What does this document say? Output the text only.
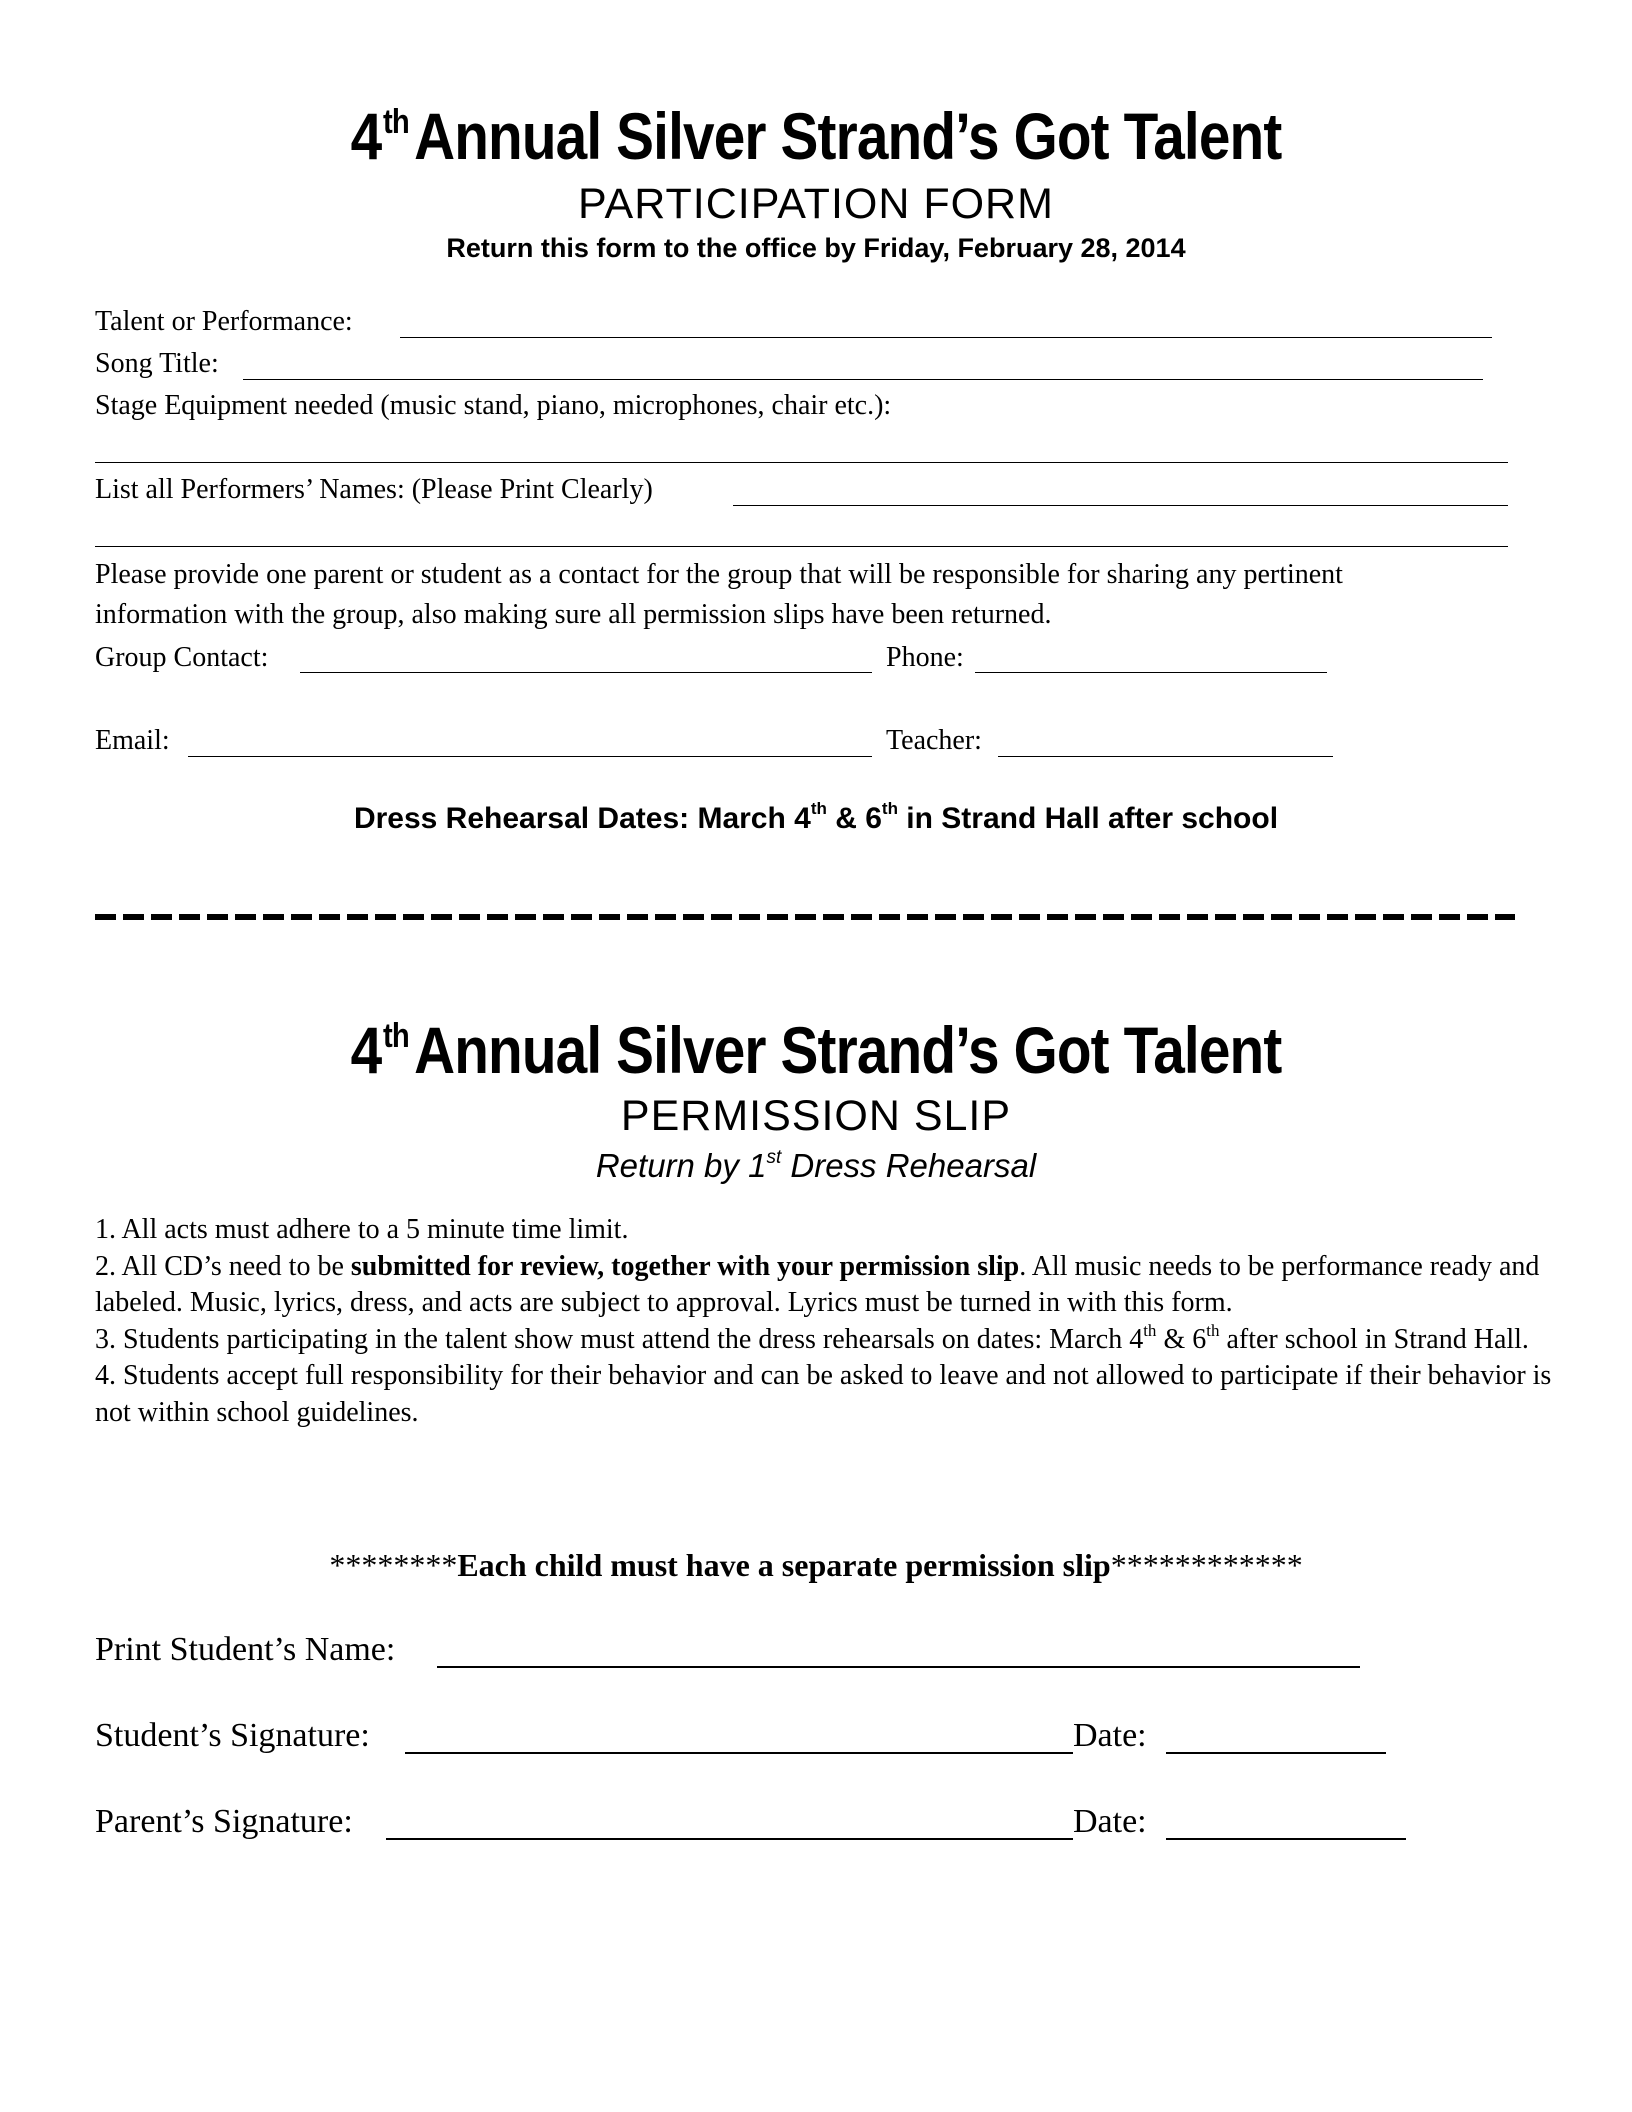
4thAnnual Silver Strand’s Got Talent
PARTICIPATION FORM
Return this form to the office by Friday, February 28, 2014
Talent or Performance:
Song Title:
Stage Equipment needed (music stand, piano, microphones, chair etc.):
List all Performers’ Names: (Please Print Clearly)
Please provide one parent or student as a contact for the group that will be responsible for sharing any pertinent
information with the group, also making sure all permission slips have been returned.
Group Contact:	Phone:
Email:	Teacher:
Dress Rehearsal Dates: March 4th & 6th in Strand Hall after school
4thAnnual Silver Strand’s Got Talent
PERMISSION SLIP
Return by 1st Dress Rehearsal
1. All acts must adhere to a 5 minute time limit.
2. All CD’s need to be submitted for review, together with your permission slip. All music needs to be performance ready and labeled. Music, lyrics, dress, and acts are subject to approval. Lyrics must be turned in with this form.
3. Students participating in the talent show must attend the dress rehearsals on dates: March 4th & 6th after school in Strand Hall.
4. Students accept full responsibility for their behavior and can be asked to leave and not allowed to participate if their behavior is not within school guidelines.
********Each child must have a separate permission slip************
Print Student’s Name:
Student’s Signature:	Date:
Parent’s Signature:	Date:
